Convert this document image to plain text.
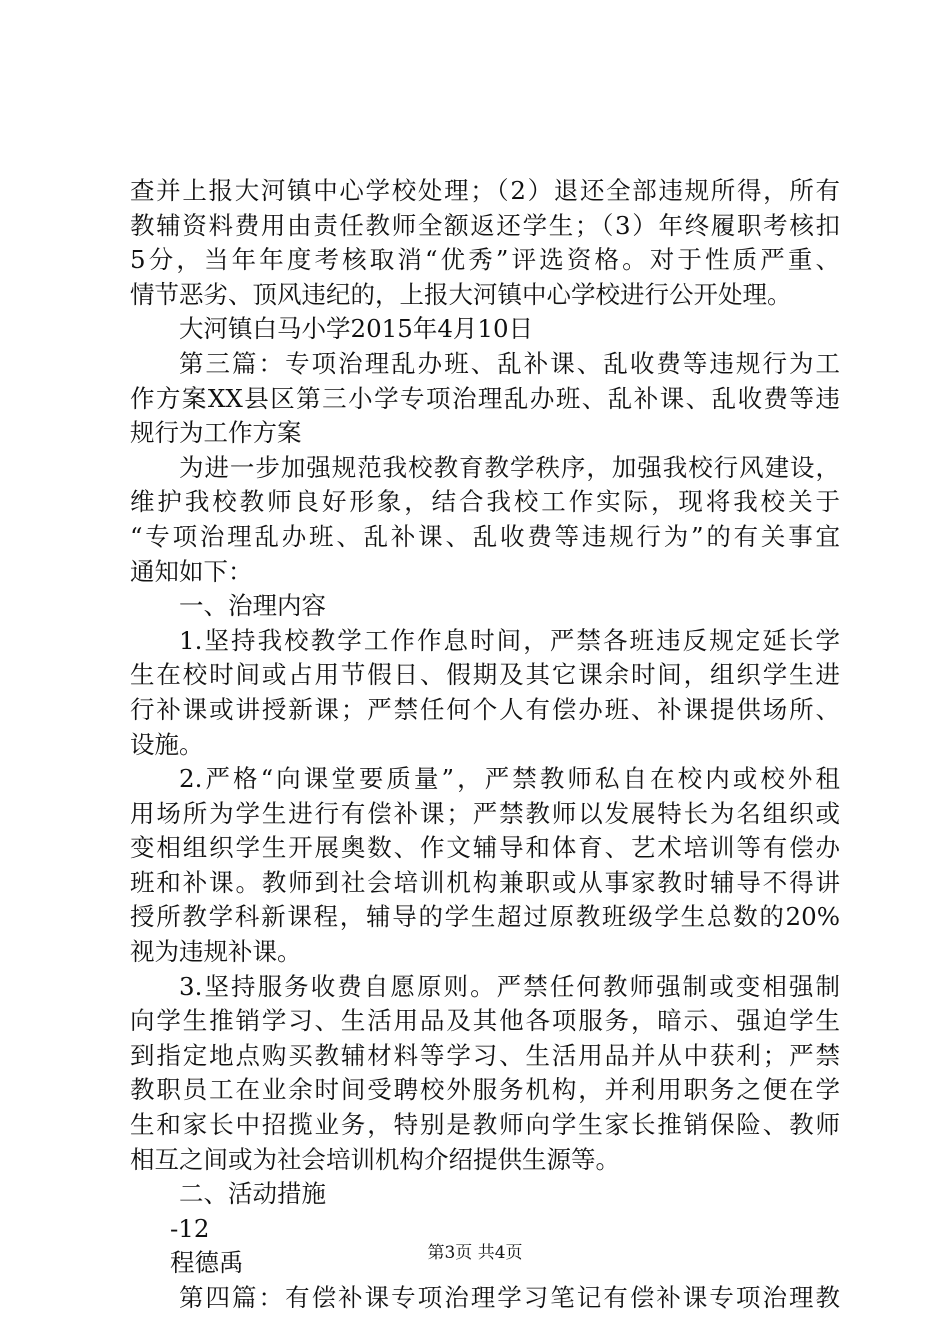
查并上报大河镇中心学校处理；（2）退还全部违规所得，所有
教辅资料费用由责任教师全额返还学生；（3）年终履职考核扣
5分，当年年度考核取消“优秀”评选资格。对于性质严重、
情节恶劣、顶风违纪的，上报大河镇中心学校进行公开处理。
大河镇白马小学2015年4月10日
第三篇：专项治理乱办班、乱补课、乱收费等违规行为工
作方案XX县区第三小学专项治理乱办班、乱补课、乱收费等违
规行为工作方案
为进一步加强规范我校教育教学秩序，加强我校行风建设，
维护我校教师良好形象，结合我校工作实际，现将我校关于
“专项治理乱办班、乱补课、乱收费等违规行为”的有关事宜
通知如下：
一、治理内容
1.坚持我校教学工作作息时间，严禁各班违反规定延长学
生在校时间或占用节假日、假期及其它课余时间，组织学生进
行补课或讲授新课；严禁任何个人有偿办班、补课提供场所、
设施。
2.严格“向课堂要质量”，严禁教师私自在校内或校外租
用场所为学生进行有偿补课；严禁教师以发展特长为名组织或
变相组织学生开展奥数、作文辅导和体育、艺术培训等有偿办
班和补课。教师到社会培训机构兼职或从事家教时辅导不得讲
授所教学科新课程，辅导的学生超过原教班级学生总数的20%
视为违规补课。
3.坚持服务收费自愿原则。严禁任何教师强制或变相强制
向学生推销学习、生活用品及其他各项服务，暗示、强迫学生
到指定地点购买教辅材料等学习、生活用品并从中获利；严禁
教职员工在业余时间受聘校外服务机构，并利用职务之便在学
生和家长中招揽业务，特别是教师向学生家长推销保险、教师
相互之间或为社会培训机构介绍提供生源等。
二、活动措施
-12
程德禹
第四篇：有偿补课专项治理学习笔记有偿补课专项治理教
第3页 共4页
